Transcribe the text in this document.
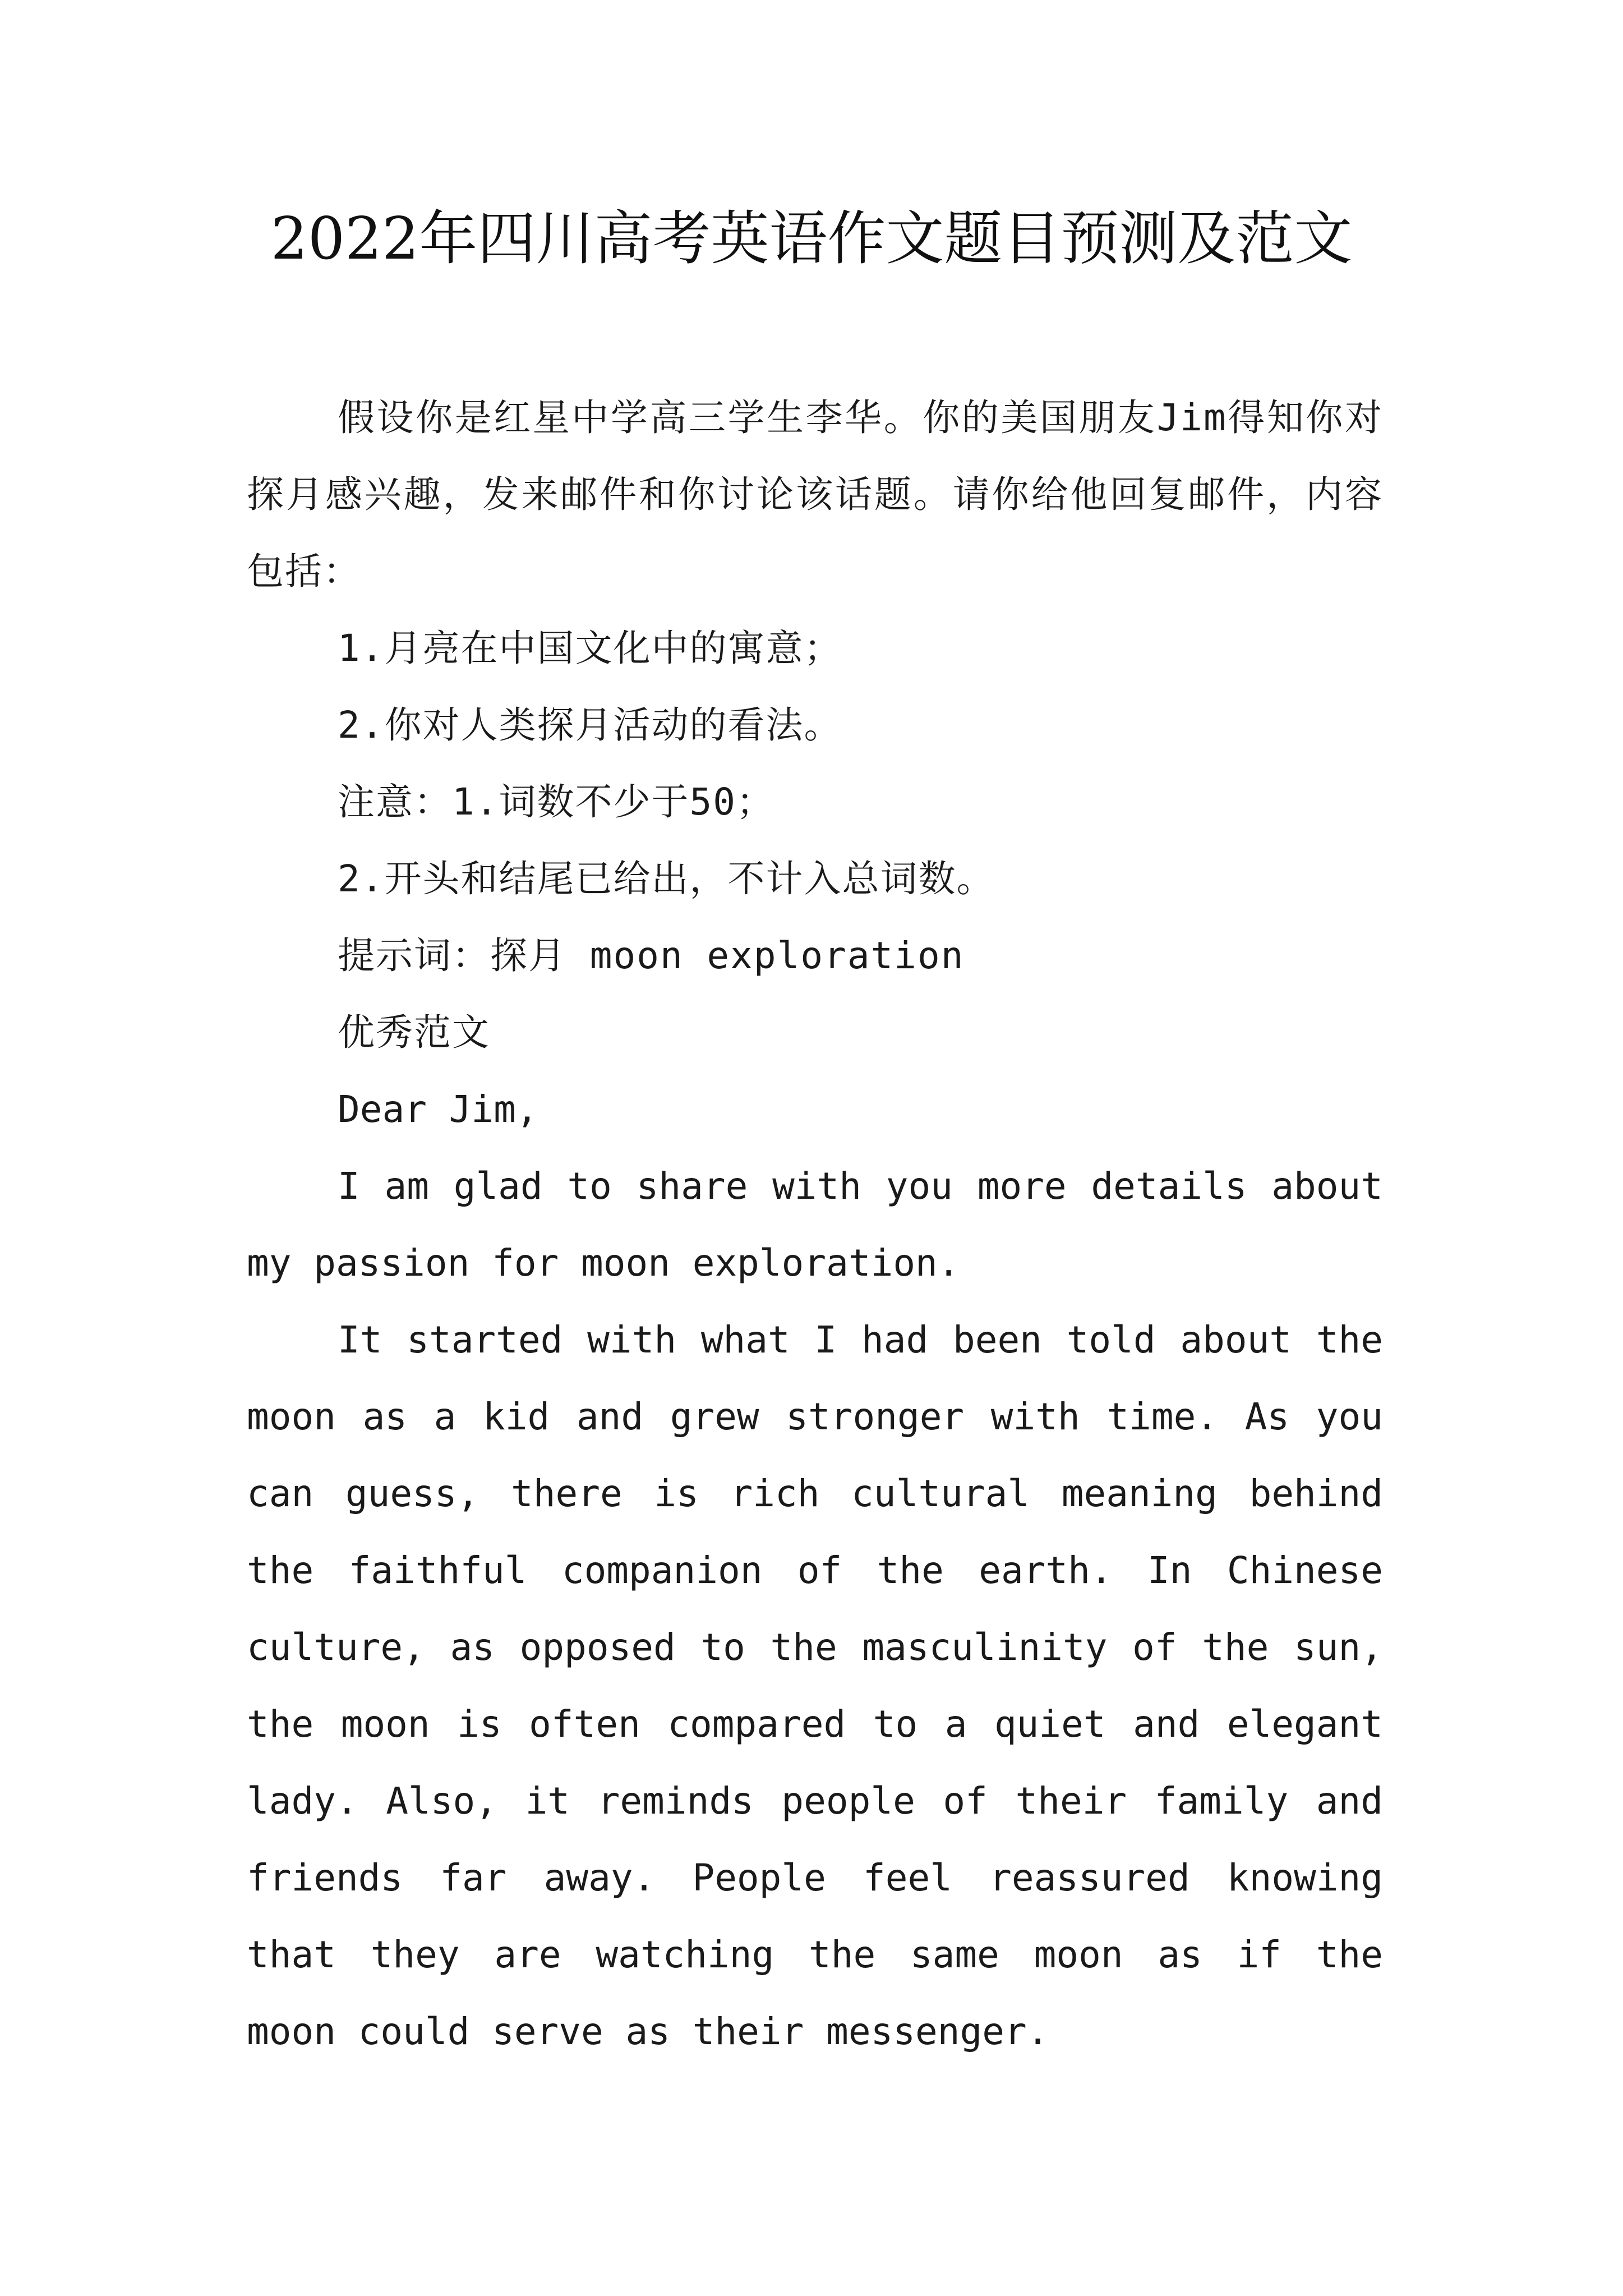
2022年四川高考英语作文题目预测及范文

假设你是红星中学高三学生李华。你的美国朋友Jim得知你对探月感兴趣，发来邮件和你讨论该话题。请你给他回复邮件，内容包括：

1.月亮在中国文化中的寓意；

2.你对人类探月活动的看法。

注意：1.词数不少于50；

2.开头和结尾已给出，不计入总词数。

提示词：探月 moon exploration

优秀范文

Dear Jim,

I am glad to share with you more details about my passion for moon exploration.

It started with what I had been told about the moon as a kid and grew stronger with time. As you can guess, there is rich cultural meaning behind the faithful companion of the earth. In Chinese culture, as opposed to the masculinity of the sun, the moon is often compared to a quiet and elegant lady. Also, it reminds people of their family and friends far away. People feel reassured knowing that they are watching the same moon as if the moon could serve as their messenger.
